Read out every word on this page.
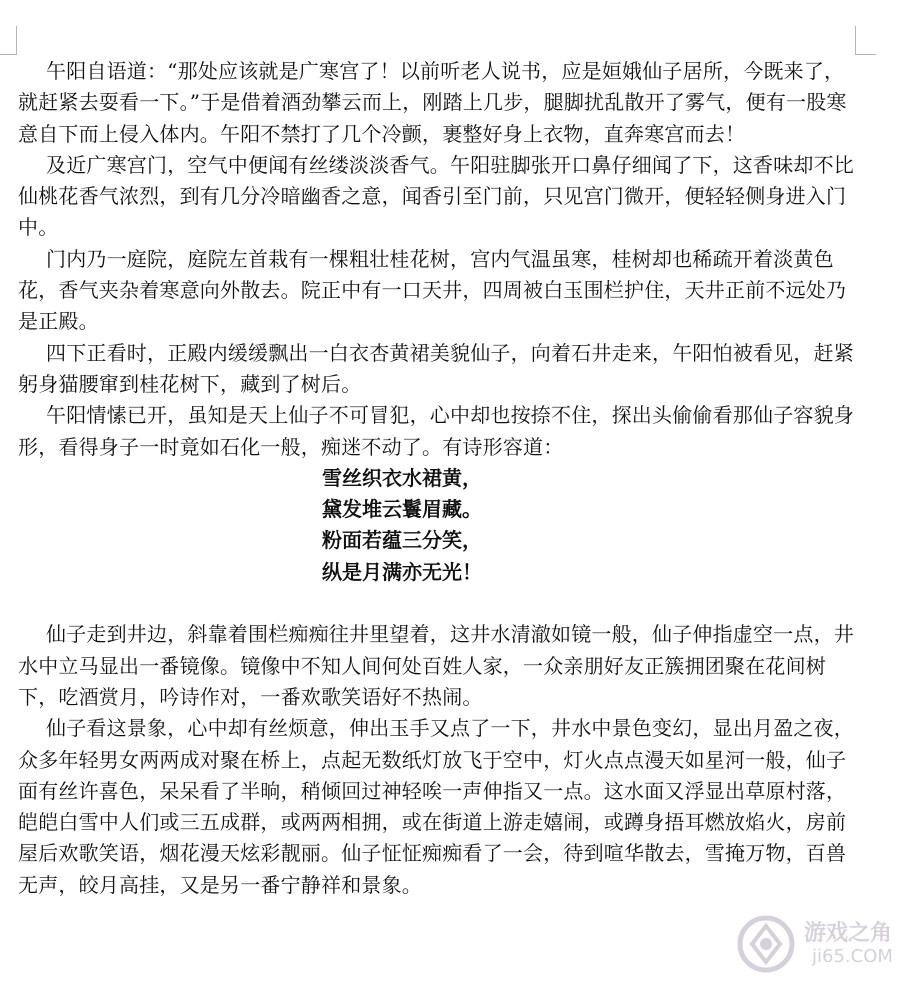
午阳自语道：“那处应该就是广寒宫了！以前听老人说书，应是姮娥仙子居所，今既来了，就赶紧去耍看一下。”于是借着酒劲攀云而上，刚踏上几步，腿脚扰乱散开了雾气，便有一股寒意自下而上侵入体内。午阳不禁打了几个冷颤，裹整好身上衣物，直奔寒宫而去！

及近广寒宫门，空气中便闻有丝缕淡淡香气。午阳驻脚张开口鼻仔细闻了下，这香味却不比仙桃花香气浓烈，到有几分冷暗幽香之意，闻香引至门前，只见宫门微开，便轻轻侧身进入门中。

门内乃一庭院，庭院左首栽有一棵粗壮桂花树，宫内气温虽寒，桂树却也稀疏开着淡黄色花，香气夹杂着寒意向外散去。院正中有一口天井，四周被白玉围栏护住，天井正前不远处乃是正殿。

四下正看时，正殿内缓缓飘出一白衣杏黄裙美貌仙子，向着石井走来，午阳怕被看见，赶紧躬身猫腰窜到桂花树下，藏到了树后。

午阳情愫已开，虽知是天上仙子不可冒犯，心中却也按捺不住，探出头偷偷看那仙子容貌身形，看得身子一时竟如石化一般，痴迷不动了。有诗形容道：

雪丝织衣水裙黄，

黛发堆云鬟眉藏。

粉面若蕴三分笑，

纵是月满亦无光！

仙子走到井边，斜靠着围栏痴痴往井里望着，这井水清澈如镜一般，仙子伸指虚空一点，井水中立马显出一番镜像。镜像中不知人间何处百姓人家，一众亲朋好友正簇拥团聚在花间树下，吃酒赏月，吟诗作对，一番欢歌笑语好不热闹。

仙子看这景象，心中却有丝烦意，伸出玉手又点了一下，井水中景色变幻，显出月盈之夜，众多年轻男女两两成对聚在桥上，点起无数纸灯放飞于空中，灯火点点漫天如星河一般，仙子面有丝许喜色，呆呆看了半晌，稍倾回过神轻唉一声伸指又一点。这水面又浮显出草原村落，皑皑白雪中人们或三五成群，或两两相拥，或在街道上游走嬉闹，或蹲身捂耳燃放焰火，房前屋后欢歌笑语，烟花漫天炫彩靓丽。仙子怔怔痴痴看了一会，待到喧华散去，雪掩万物，百兽无声，皎月高挂，又是另一番宁静祥和景象。

游戏之角
ji65.COM
